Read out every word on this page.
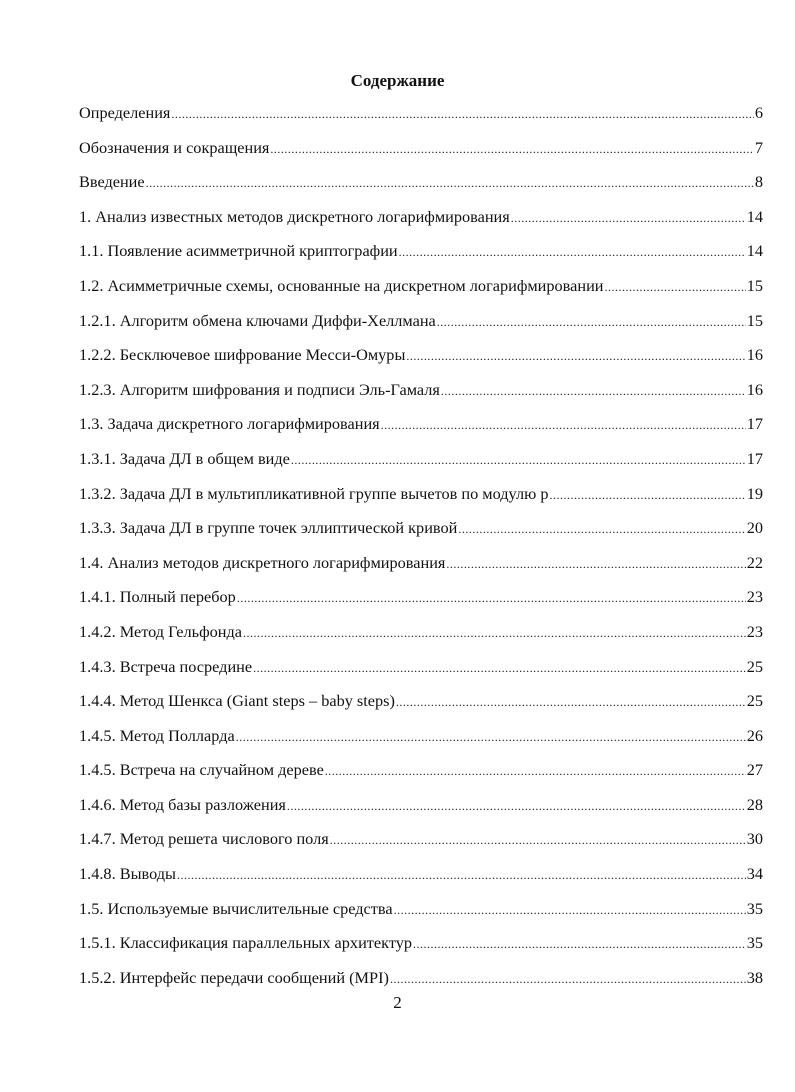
Содержание
Определения .....	6
Обозначения и сокращения .....	7
Введение .....	8
1. Анализ известных методов дискретного логарифмирования .....	14
1.1. Появление асимметричной криптографии .....	14
1.2. Асимметричные схемы, основанные на дискретном логарифмировании .....	15
1.2.1. Алгоритм обмена ключами Диффи-Хеллмана .....	15
1.2.2. Бесключевое шифрование Месси-Омуры .....	16
1.2.3. Алгоритм шифрования и подписи Эль-Гамаля .....	16
1.3. Задача дискретного логарифмирования .....	17
1.3.1. Задача ДЛ в общем виде .....	17
1.3.2. Задача ДЛ в мультипликативной группе вычетов по модулю р .....	19
1.3.3. Задача ДЛ в группе точек эллиптической кривой .....	20
1.4. Анализ методов дискретного логарифмирования .....	22
1.4.1. Полный перебор .....	23
1.4.2. Метод Гельфонда .....	23
1.4.3. Встреча посредине .....	25
1.4.4. Метод Шенкса (Giant steps – baby steps) .....	25
1.4.5. Метод Полларда .....	26
1.4.5. Встреча на случайном дереве .....	27
1.4.6. Метод базы разложения .....	28
1.4.7. Метод решета числового поля .....	30
1.4.8. Выводы .....	34
1.5. Используемые вычислительные средства .....	35
1.5.1. Классификация параллельных архитектур .....	35
1.5.2. Интерфейс передачи сообщений (MPI) .....	38
2
